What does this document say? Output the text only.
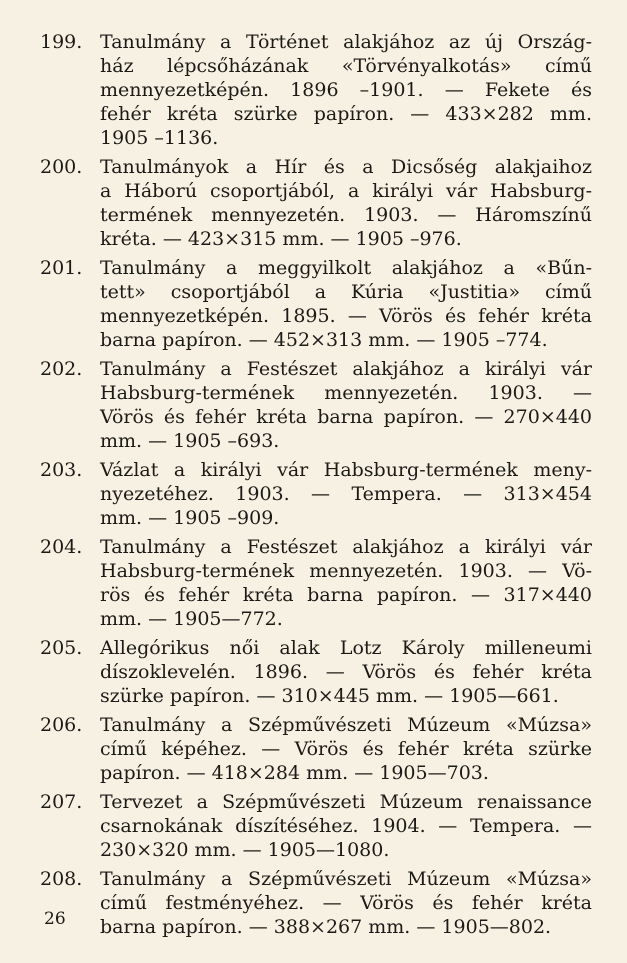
199. Tanulmány a Történet alakjához az új Ország-
ház lépcsőházának «Törvényalkotás» című
mennyezetképén. 1896 –1901. — Fekete és
fehér kréta szürke papíron. — 433×282 mm.
1905 –1136.
200. Tanulmányok a Hír és a Dicsőség alakjaihoz
a Háború csoportjából, a királyi vár Habsburg-
termének mennyezetén. 1903. — Háromszínű
kréta. — 423×315 mm. — 1905 –976.
201. Tanulmány a meggyilkolt alakjához a «Bűn-
tett» csoportjából a Kúria «Justitia» című
mennyezetképén. 1895. — Vörös és fehér kréta
barna papíron. — 452×313 mm. — 1905 –774.
202. Tanulmány a Festészet alakjához a királyi vár
Habsburg-termének mennyezetén. 1903. —
Vörös és fehér kréta barna papíron. — 270×440
mm. — 1905 –693.
203. Vázlat a királyi vár Habsburg-termének meny-
nyezetéhez. 1903. — Tempera. — 313×454
mm. — 1905 –909.
204. Tanulmány a Festészet alakjához a királyi vár
Habsburg-termének mennyezetén. 1903. — Vö-
rös és fehér kréta barna papíron. — 317×440
mm. — 1905—772.
205. Allegórikus női alak Lotz Károly milleneumi
díszoklevelén. 1896. — Vörös és fehér kréta
szürke papíron. — 310×445 mm. — 1905—661.
206. Tanulmány a Szépművészeti Múzeum «Múzsa»
című képéhez. — Vörös és fehér kréta szürke
papíron. — 418×284 mm. — 1905—703.
207. Tervezet a Szépművészeti Múzeum renaissance
csarnokának díszítéséhez. 1904. — Tempera. —
230×320 mm. — 1905—1080.
208. Tanulmány a Szépművészeti Múzeum «Múzsa»
című festményéhez. — Vörös és fehér kréta
barna papíron. — 388×267 mm. — 1905—802.
26
